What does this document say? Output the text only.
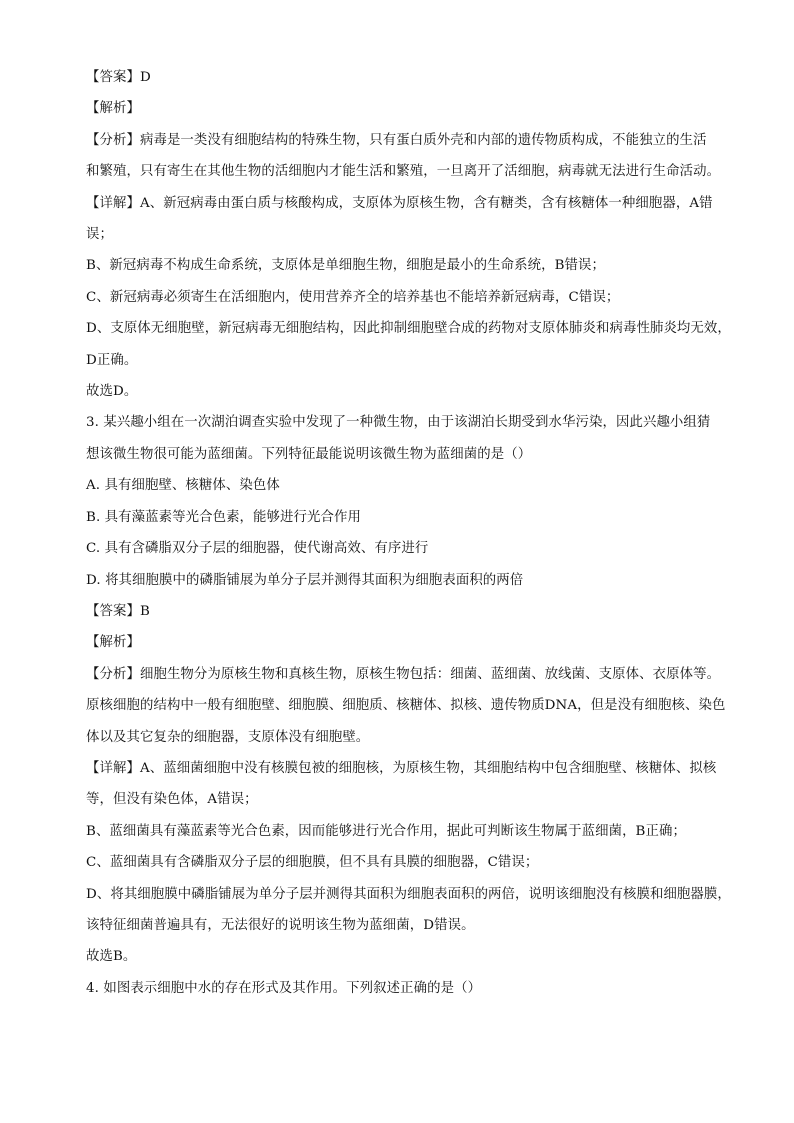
【答案】D
【解析】
【分析】病毒是一类没有细胞结构的特殊生物，只有蛋白质外壳和内部的遗传物质构成，不能独立的生活
和繁殖，只有寄生在其他生物的活细胞内才能生活和繁殖，一旦离开了活细胞，病毒就无法进行生命活动。
【详解】A、新冠病毒由蛋白质与核酸构成，支原体为原核生物，含有糖类，含有核糖体一种细胞器，A错
误；
B、新冠病毒不构成生命系统，支原体是单细胞生物，细胞是最小的生命系统，B错误；
C、新冠病毒必须寄生在活细胞内，使用营养齐全的培养基也不能培养新冠病毒，C错误；
D、支原体无细胞壁，新冠病毒无细胞结构，因此抑制细胞壁合成的药物对支原体肺炎和病毒性肺炎均无效，
D正确。
故选D。
3. 某兴趣小组在一次湖泊调查实验中发现了一种微生物，由于该湖泊长期受到水华污染，因此兴趣小组猜
想该微生物很可能为蓝细菌。下列特征最能说明该微生物为蓝细菌的是（）
A. 具有细胞壁、核糖体、染色体
B. 具有藻蓝素等光合色素，能够进行光合作用
C. 具有含磷脂双分子层的细胞器，使代谢高效、有序进行
D. 将其细胞膜中的磷脂铺展为单分子层并测得其面积为细胞表面积的两倍
【答案】B
【解析】
【分析】细胞生物分为原核生物和真核生物，原核生物包括：细菌、蓝细菌、放线菌、支原体、衣原体等。
原核细胞的结构中一般有细胞壁、细胞膜、细胞质、核糖体、拟核、遗传物质DNA，但是没有细胞核、染色
体以及其它复杂的细胞器，支原体没有细胞壁。
【详解】A、蓝细菌细胞中没有核膜包被的细胞核，为原核生物，其细胞结构中包含细胞壁、核糖体、拟核
等，但没有染色体，A错误；
B、蓝细菌具有藻蓝素等光合色素，因而能够进行光合作用，据此可判断该生物属于蓝细菌，B正确；
C、蓝细菌具有含磷脂双分子层的细胞膜，但不具有具膜的细胞器，C错误；
D、将其细胞膜中磷脂铺展为单分子层并测得其面积为细胞表面积的两倍，说明该细胞没有核膜和细胞器膜，
该特征细菌普遍具有，无法很好的说明该生物为蓝细菌，D错误。
故选B。
4. 如图表示细胞中水的存在形式及其作用。下列叙述正确的是（）
